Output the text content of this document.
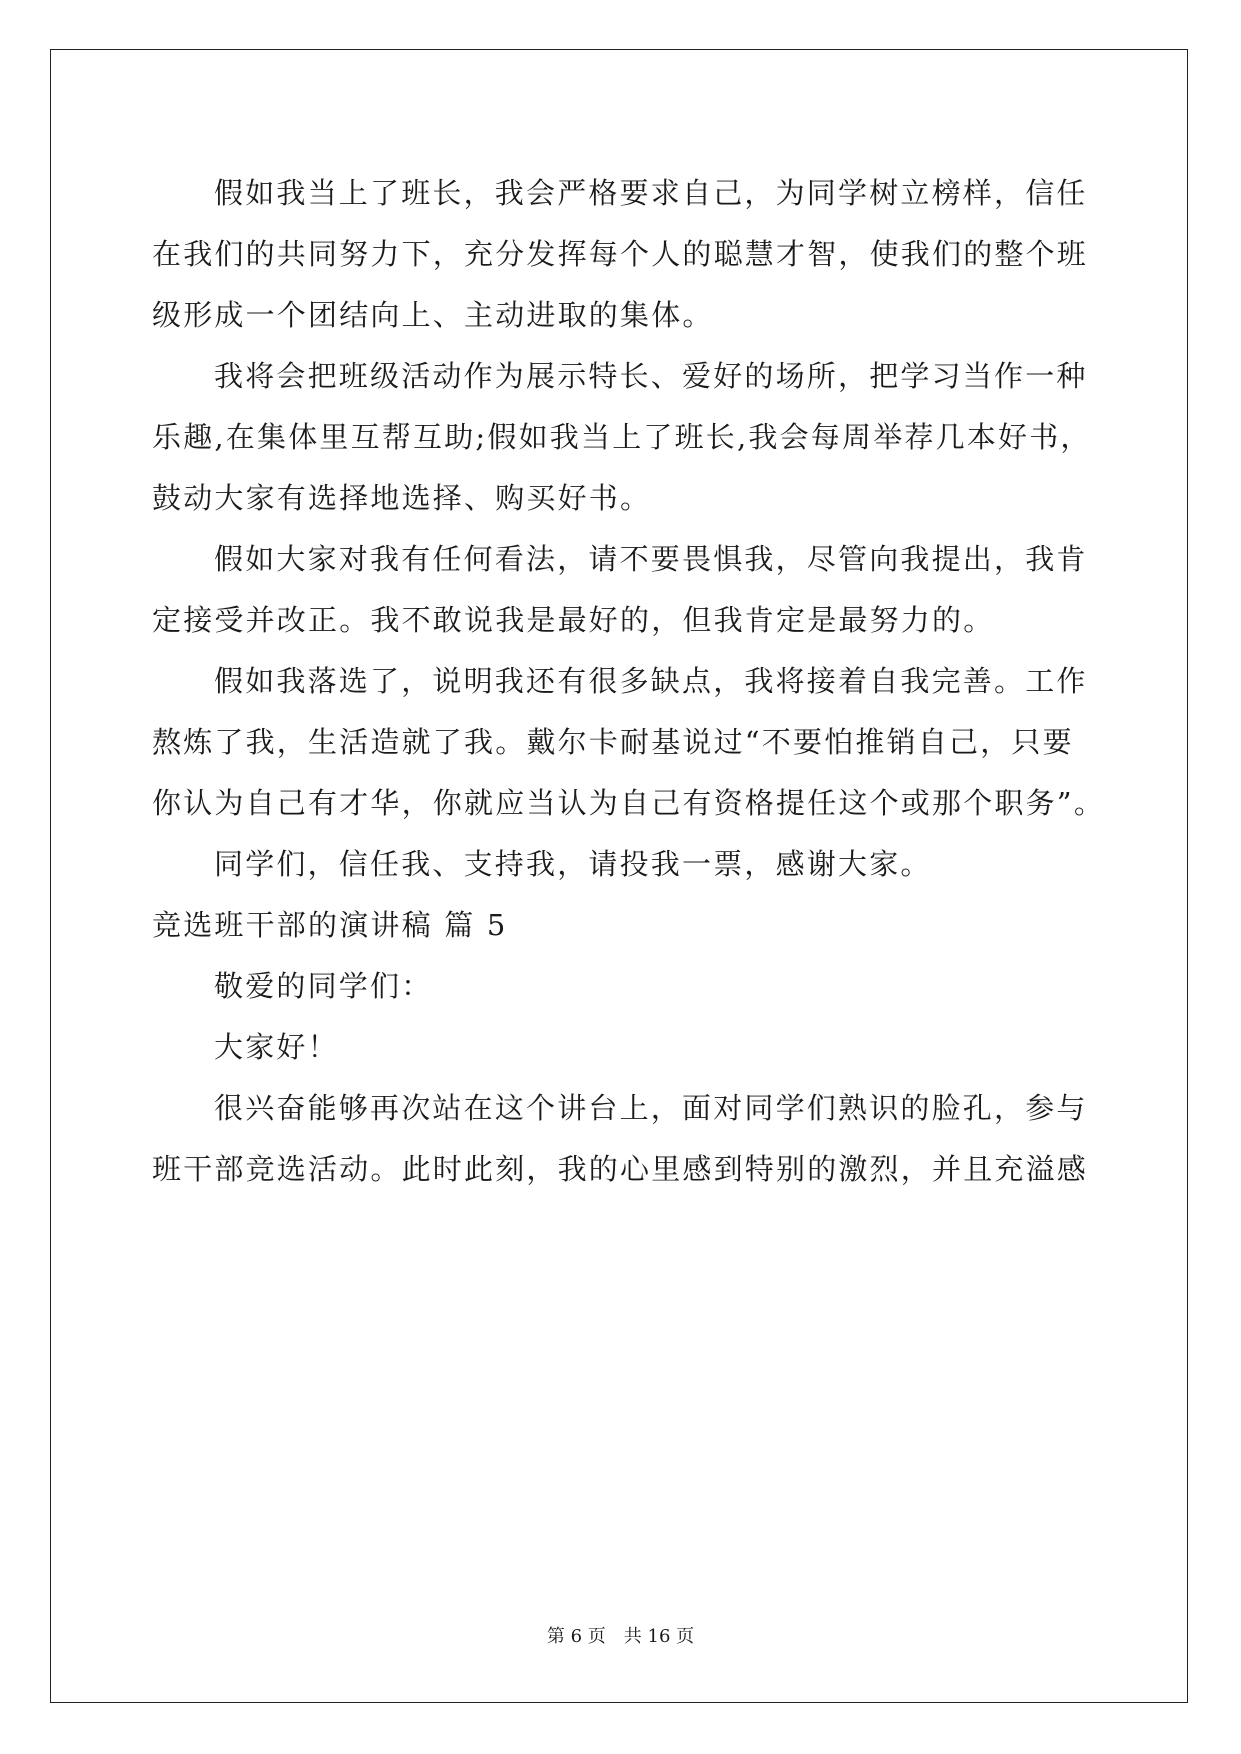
假如我当上了班长，我会严格要求自己，为同学树立榜样，信任
在我们的共同努力下，充分发挥每个人的聪慧才智，使我们的整个班
级形成一个团结向上、主动进取的集体。
我将会把班级活动作为展示特长、爱好的场所，把学习当作一种
乐趣,在集体里互帮互助;假如我当上了班长,我会每周举荐几本好书，
鼓动大家有选择地选择、购买好书。
假如大家对我有任何看法，请不要畏惧我，尽管向我提出，我肯
定接受并改正。我不敢说我是最好的，但我肯定是最努力的。
假如我落选了，说明我还有很多缺点，我将接着自我完善。工作
熬炼了我，生活造就了我。戴尔卡耐基说过“不要怕推销自己，只要
你认为自己有才华，你就应当认为自己有资格提任这个或那个职务”。
同学们，信任我、支持我，请投我一票，感谢大家。
竞选班干部的演讲稿 篇 5
敬爱的同学们：
大家好！
很兴奋能够再次站在这个讲台上，面对同学们熟识的脸孔，参与
班干部竞选活动。此时此刻，我的心里感到特别的激烈，并且充溢感
第 6 页 共 16 页
